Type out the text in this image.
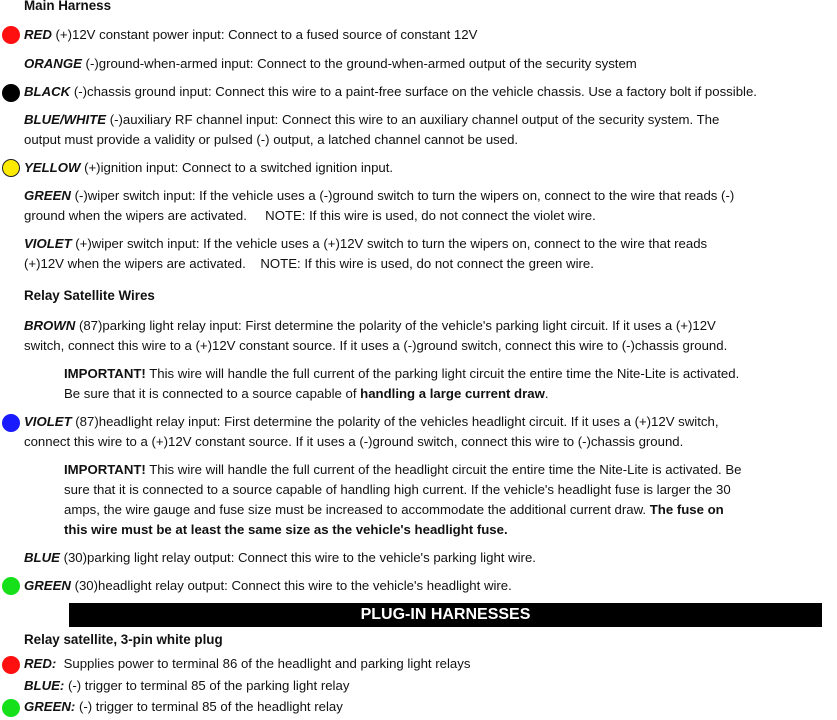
Main Harness
RED (+)12V constant power input: Connect to a fused source of constant 12V
ORANGE (-)ground-when-armed input: Connect to the ground-when-armed output of the security system
BLACK (-)chassis ground input: Connect this wire to a paint-free surface on the vehicle chassis. Use a factory bolt if possible.
BLUE/WHITE (-)auxiliary RF channel input: Connect this wire to an auxiliary channel output of the security system. The
output must provide a validity or pulsed (-) output, a latched channel cannot be used.
YELLOW (+)ignition input: Connect to a switched ignition input.
GREEN (-)wiper switch input: If the vehicle uses a (-)ground switch to turn the wipers on, connect to the wire that reads (-)
ground when the wipers are activated.     NOTE: If this wire is used, do not connect the violet wire.
VIOLET (+)wiper switch input: If the vehicle uses a (+)12V switch to turn the wipers on, connect to the wire that reads
(+)12V when the wipers are activated.    NOTE: If this wire is used, do not connect the green wire.
Relay Satellite Wires
BROWN (87)parking light relay input: First determine the polarity of the vehicle's parking light circuit. If it uses a (+)12V
switch, connect this wire to a (+)12V constant source. If it uses a (-)ground switch, connect this wire to (-)chassis ground.
IMPORTANT! This wire will handle the full current of the parking light circuit the entire time the Nite-Lite is activated.
Be sure that it is connected to a source capable of handling a large current draw.
VIOLET (87)headlight relay input: First determine the polarity of the vehicles headlight circuit. If it uses a (+)12V switch,
connect this wire to a (+)12V constant source. If it uses a (-)ground switch, connect this wire to (-)chassis ground.
IMPORTANT! This wire will handle the full current of the headlight circuit the entire time the Nite-Lite is activated. Be
sure that it is connected to a source capable of handling high current. If the vehicle's headlight fuse is larger the 30
amps, the wire gauge and fuse size must be increased to accommodate the additional current draw. The fuse on
this wire must be at least the same size as the vehicle's headlight fuse.
BLUE (30)parking light relay output: Connect this wire to the vehicle's parking light wire.
GREEN (30)headlight relay output: Connect this wire to the vehicle's headlight wire.
PLUG-IN HARNESSES
Relay satellite, 3-pin white plug
RED:  Supplies power to terminal 86 of the headlight and parking light relays
BLUE: (-) trigger to terminal 85 of the parking light relay
GREEN: (-) trigger to terminal 85 of the headlight relay
